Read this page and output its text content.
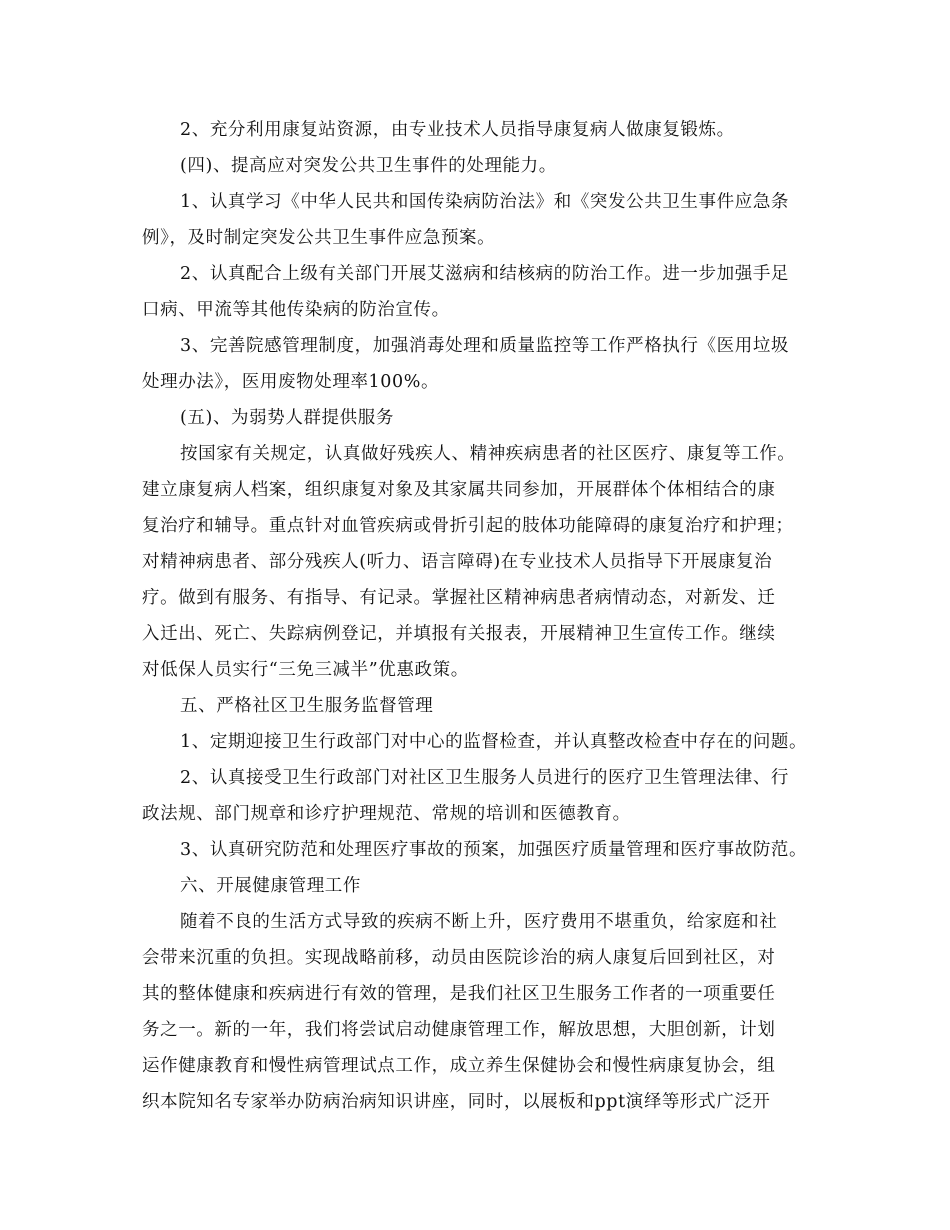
2、充分利用康复站资源，由专业技术人员指导康复病人做康复锻炼。
(四)、提高应对突发公共卫生事件的处理能力。
1、认真学习《中华人民共和国传染病防治法》和《突发公共卫生事件应急条
例》，及时制定突发公共卫生事件应急预案。
2、认真配合上级有关部门开展艾滋病和结核病的防治工作。进一步加强手足
口病、甲流等其他传染病的防治宣传。
3、完善院感管理制度，加强消毒处理和质量监控等工作严格执行《医用垃圾
处理办法》，医用废物处理率100%。
(五)、为弱势人群提供服务
按国家有关规定，认真做好残疾人、精神疾病患者的社区医疗、康复等工作。
建立康复病人档案，组织康复对象及其家属共同参加，开展群体个体相结合的康
复治疗和辅导。重点针对血管疾病或骨折引起的肢体功能障碍的康复治疗和护理；
对精神病患者、部分残疾人(听力、语言障碍)在专业技术人员指导下开展康复治
疗。做到有服务、有指导、有记录。掌握社区精神病患者病情动态，对新发、迁
入迁出、死亡、失踪病例登记，并填报有关报表，开展精神卫生宣传工作。继续
对低保人员实行“三免三减半”优惠政策。
五、严格社区卫生服务监督管理
1、定期迎接卫生行政部门对中心的监督检查，并认真整改检查中存在的问题。
2、认真接受卫生行政部门对社区卫生服务人员进行的医疗卫生管理法律、行
政法规、部门规章和诊疗护理规范、常规的培训和医德教育。
3、认真研究防范和处理医疗事故的预案，加强医疗质量管理和医疗事故防范。
六、开展健康管理工作
随着不良的生活方式导致的疾病不断上升，医疗费用不堪重负，给家庭和社
会带来沉重的负担。实现战略前移，动员由医院诊治的病人康复后回到社区，对
其的整体健康和疾病进行有效的管理，是我们社区卫生服务工作者的一项重要任
务之一。新的一年，我们将尝试启动健康管理工作，解放思想，大胆创新，计划
运作健康教育和慢性病管理试点工作，成立养生保健协会和慢性病康复协会，组
织本院知名专家举办防病治病知识讲座，同时，以展板和ppt演绎等形式广泛开
